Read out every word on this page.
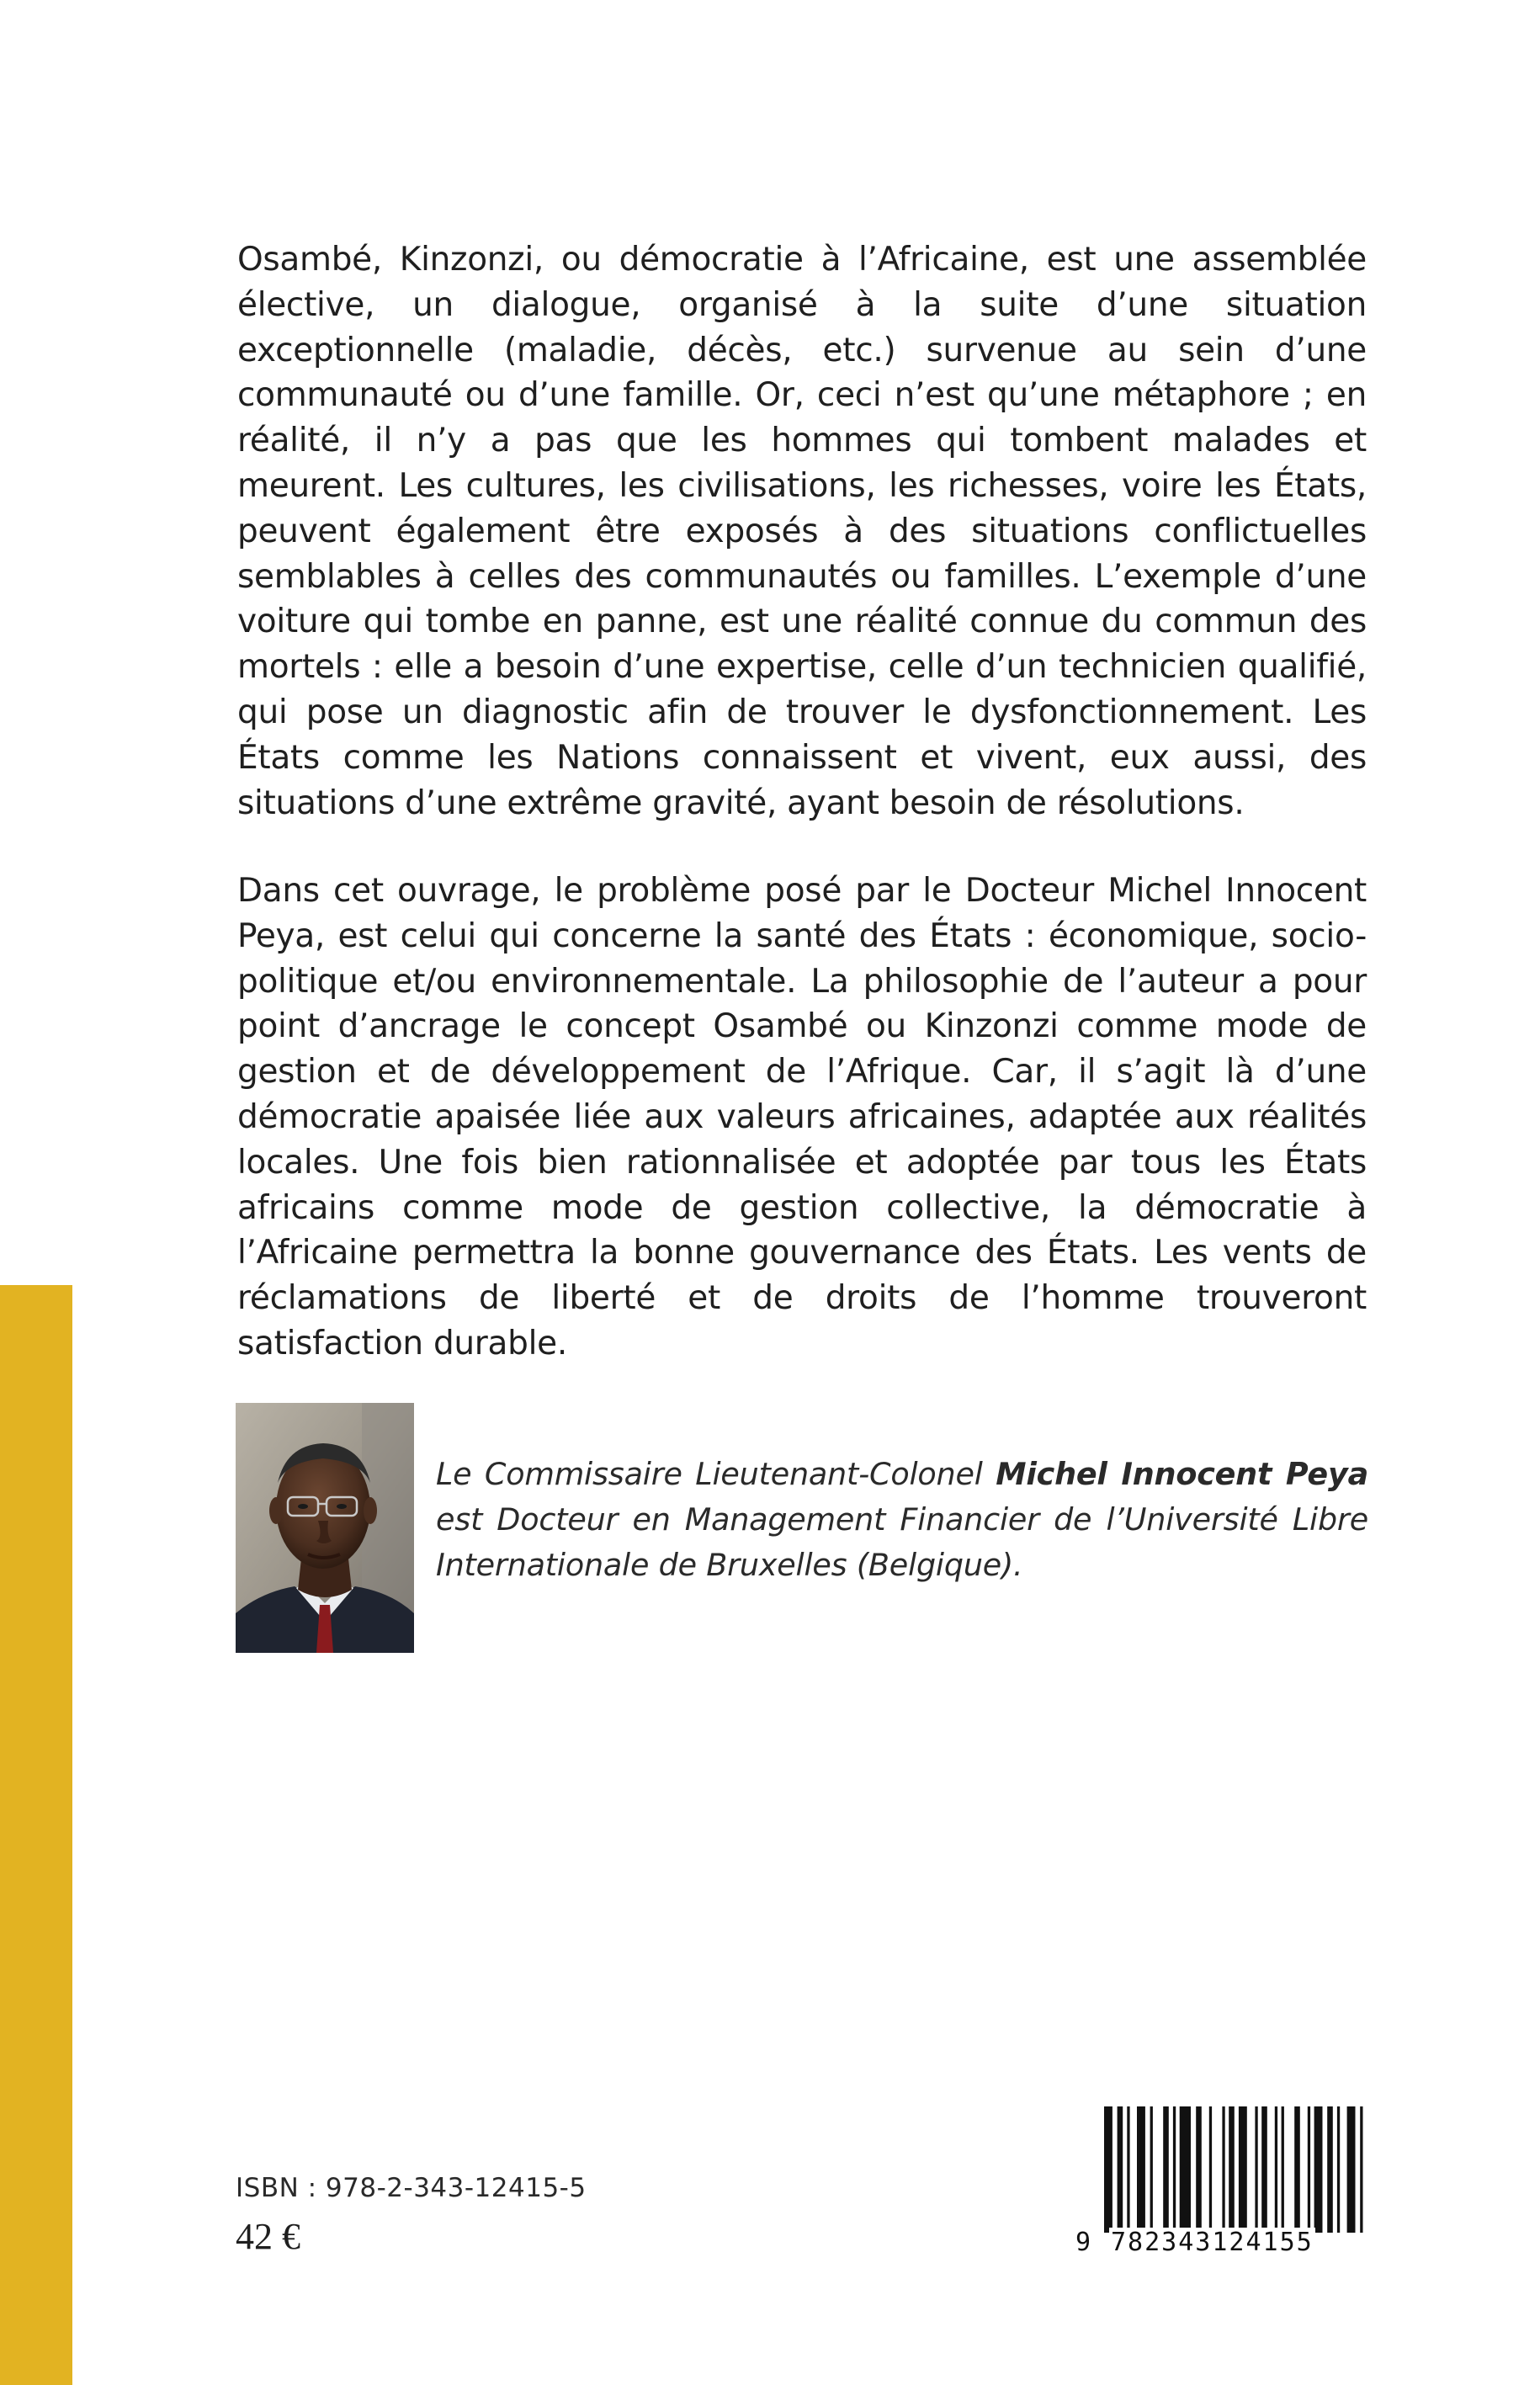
Osambé, Kinzonzi, ou démocratie à l’Africaine, est une assemblée élective, un dialogue, organisé à la suite d’une situation exceptionnelle (maladie, décès, etc.) survenue au sein d’une communauté ou d’une famille. Or, ceci n’est qu’une métaphore ; en réalité, il n’y a pas que les hommes qui tombent malades et meurent. Les cultures, les civilisations, les richesses, voire les États, peuvent également être exposés à des situations conflictuelles semblables à celles des communautés ou familles. L’exemple d’une voiture qui tombe en panne, est une réalité connue du commun des mortels : elle a besoin d’une expertise, celle d’un technicien qualifié, qui pose un diagnostic afin de trouver le dysfonctionnement. Les États comme les Nations connaissent et vivent, eux aussi, des situations d’une extrême gravité, ayant besoin de résolutions.

Dans cet ouvrage, le problème posé par le Docteur Michel Innocent Peya, est celui qui concerne la santé des États : économique, socio-politique et/ou environnementale. La philosophie de l’auteur a pour point d’ancrage le concept Osambé ou Kinzonzi comme mode de gestion et de développement de l’Afrique. Car, il s’agit là d’une démocratie apaisée liée aux valeurs africaines, adaptée aux réalités locales. Une fois bien rationnalisée et adoptée par tous les États africains comme mode de gestion collective, la démocratie à l’Africaine permettra la bonne gouvernance des États. Les vents de réclamations de liberté et de droits de l’homme trouveront satisfaction durable.

Le Commissaire Lieutenant-Colonel Michel Innocent Peya est Docteur en Management Financier de l’Université Libre Internationale de Bruxelles (Belgique).
ISBN : 978-2-343-12415-5
42 €	9 782343124155
